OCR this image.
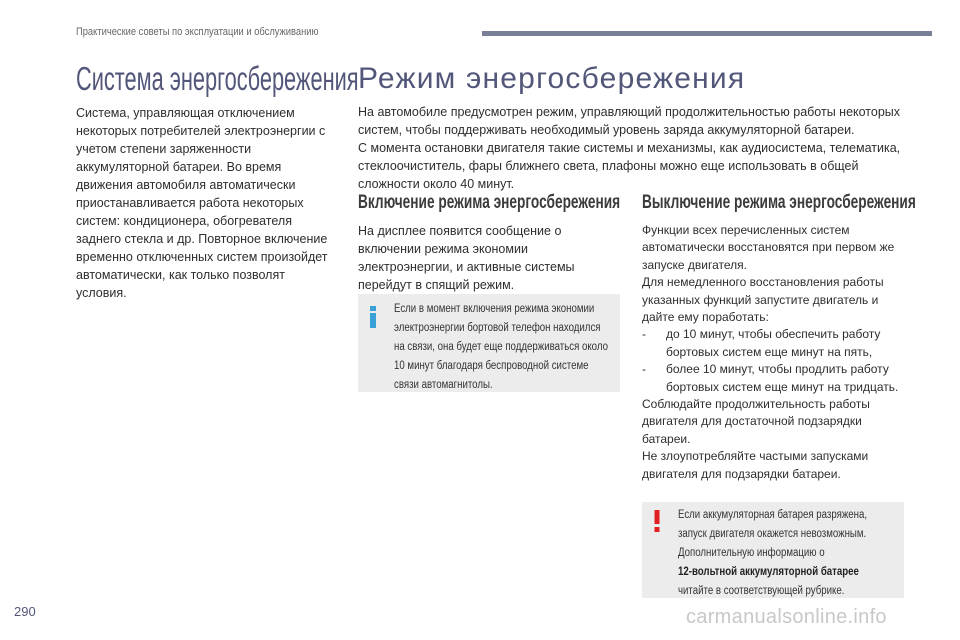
Практические советы по эксплуатации и обслуживанию
Система энергосбережения

Система, управляющая отключением некоторых потребителей электроэнергии с учетом степени заряженности аккумуляторной батареи. Во время движения автомобиля автоматически приостанавливается работа некоторых систем: кондиционера, обогревателя заднего стекла и др. Повторное включение временно отключенных систем произойдет автоматически, как только позволят условия.

Режим энергосбережения

На автомобиле предусмотрен режим, управляющий продолжительностью работы некоторых систем, чтобы поддерживать необходимый уровень заряда аккумуляторной батареи.
С момента остановки двигателя такие системы и механизмы, как аудиосистема, телематика, стеклоочиститель, фары ближнего света, плафоны можно еще использовать в общей сложности около 40 минут.

Включение режима энергосбережения

На дисплее появится сообщение о включении режима экономии электроэнергии, и активные системы перейдут в спящий режим.

Если в момент включения режима экономии электроэнергии бортовой телефон находился на связи, она будет еще поддерживаться около 10 минут благодаря беспроводной системе связи автомагнитолы.
Выключение режима энергосбережения
Функции всех перечисленных систем автоматически восстановятся при первом же запуске двигателя.
Для немедленного восстановления работы указанных функций запустите двигатель и дайте ему поработать:
-	до 10 минут, чтобы обеспечить работу бортовых систем еще минут на пять,
-	более 10 минут, чтобы продлить работу бортовых систем еще минут на тридцать.
Соблюдайте продолжительность работы двигателя для достаточной подзарядки батареи.
Не злоупотребляйте частыми запусками двигателя для подзарядки батареи.
Если аккумуляторная батарея разряжена, запуск двигателя окажется невозможным. Дополнительную информацию о
12-вольтной аккумуляторной батарее
читайте в соответствующей рубрике.
290	carmanualsonline.info
